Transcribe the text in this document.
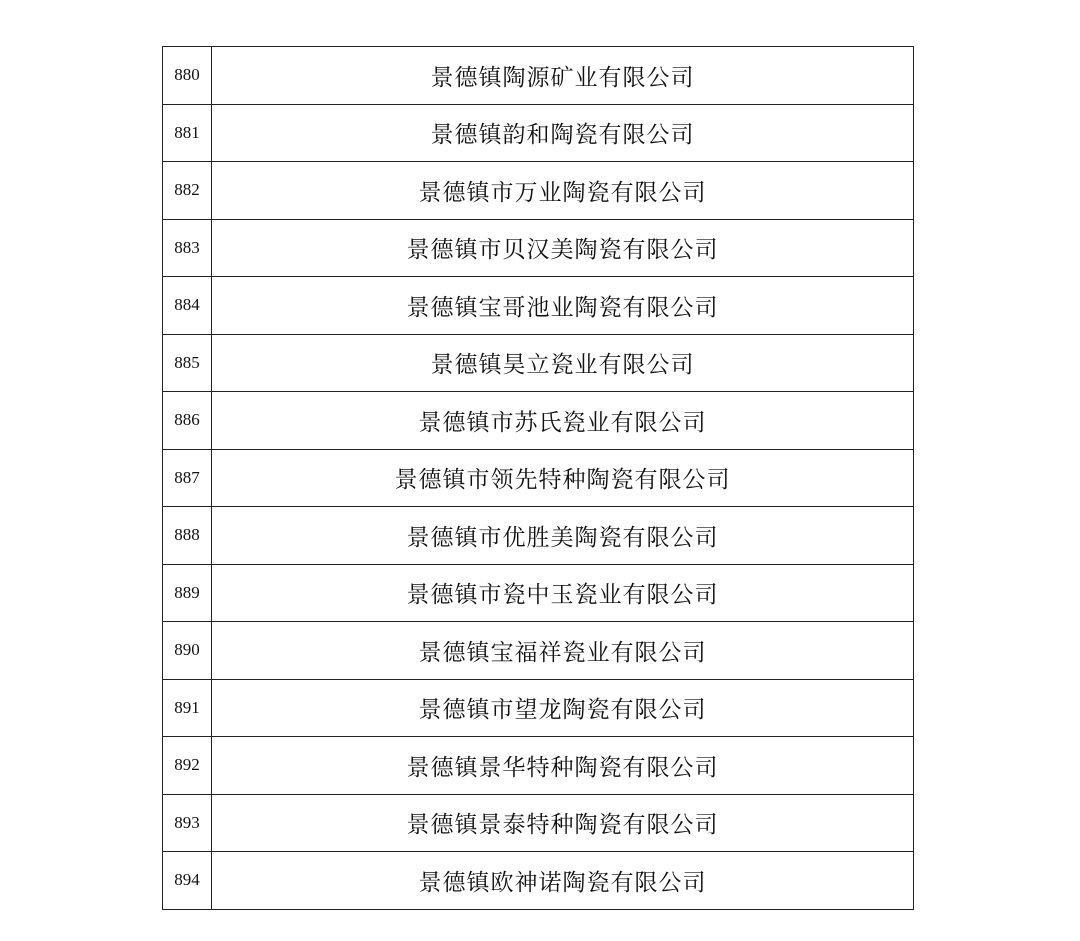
880	景德镇陶源矿业有限公司
881	景德镇韵和陶瓷有限公司
882	景德镇市万业陶瓷有限公司
883	景德镇市贝汉美陶瓷有限公司
884	景德镇宝哥池业陶瓷有限公司
885	景德镇昊立瓷业有限公司
886	景德镇市苏氏瓷业有限公司
887	景德镇市领先特种陶瓷有限公司
888	景德镇市优胜美陶瓷有限公司
889	景德镇市瓷中玉瓷业有限公司
890	景德镇宝福祥瓷业有限公司
891	景德镇市望龙陶瓷有限公司
892	景德镇景华特种陶瓷有限公司
893	景德镇景泰特种陶瓷有限公司
894	景德镇欧神诺陶瓷有限公司
